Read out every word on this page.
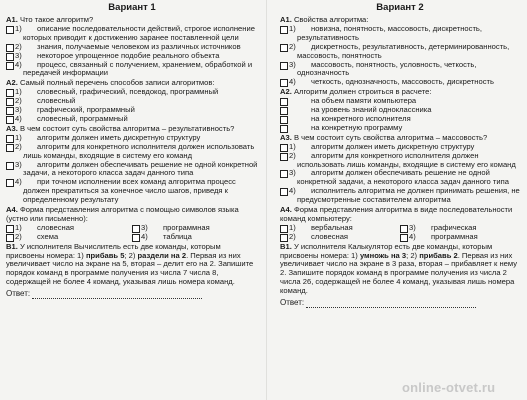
Вариант 1

А1. Что такое алгоритм?

1) описание последовательности действий, строгое исполнение которых приводит к достижению заранее поставленной цели
2) знания, получаемые человеком из различных источников
3) некоторое упрощенное подобие реального объекта
4) процесс, связанный с получением, хранением, обработкой и передачей информации

А2. Самый полный перечень способов записи алгоритмов:

1) словесный, графический, псевдокод, программный
2) словесный
3) графический, программный
4) словесный, программный

А3. В чем состоит суть свойства алгоритма – результативность?

1) алгоритм должен иметь дискретную структуру
2) алгоритм для конкретного исполнителя должен использовать лишь команды, входящие в систему его команд
3) алгоритм должен обеспечивать решение не одной конкретной задачи, а некоторого класса задач данного типа
4) при точном исполнении всех команд алгоритма процесс должен прекратиться за конечное число шагов, приведя к определенному результату

А4. Форма представления алгоритма с помощью символов языка (устно или письменно):

1) словесная	3) программная
2) схема	4) таблица

В1. У исполнителя Вычислитель есть две команды, которым присвоены номера: 1) прибавь 5; 2) раздели на 2. Первая из них увеличивает число на экране на 5, вторая – делит его на 2. Запишите порядок команд в программе получения из числа 7 числа 8, содержащей не более 4 команд, указывая лишь номера команд.

Ответ:
Вариант 2

А1. Свойства алгоритма:

1) новизна, понятность, массовость, дискретность, результативность
2) дискретность, результативность, детерминированность, массовость, понятность
3) массовость, понятность, условность, четкость, однозначность
4) четкость, однозначность, массовость, дискретность

А2. Алгоритм должен строиться в расчете:

на объем памяти компьютера
на уровень знаний одноклассника
на конкретного исполнителя
на конкретную программу

А3. В чем состоит суть свойства алгоритма – массовость?

1) алгоритм должен иметь дискретную структуру
2) алгоритм для конкретного исполнителя должен использовать лишь команды, входящие в систему его команд
3) алгоритм должен обеспечивать решение не одной конкретной задачи, а некоторого класса задач данного типа
4) исполнитель алгоритма не должен принимать решения, не предусмотренные составителем алгоритма

А4. Форма представления алгоритма в виде последовательности команд компьютеру:

1) вербальная	3) графическая
2) словесная	4) программная

В1. У исполнителя Калькулятор есть две команды, которым присвоены номера: 1) умножь на 3; 2) прибавь 2. Первая из них увеличивает число на экране в 3 раза, вторая – прибавляет к нему 2. Запишите порядок команд в программе получения из числа 2 числа 26, содержащей не более 4 команд, указывая лишь номера команд.

Ответ:
online-otvet.ru
